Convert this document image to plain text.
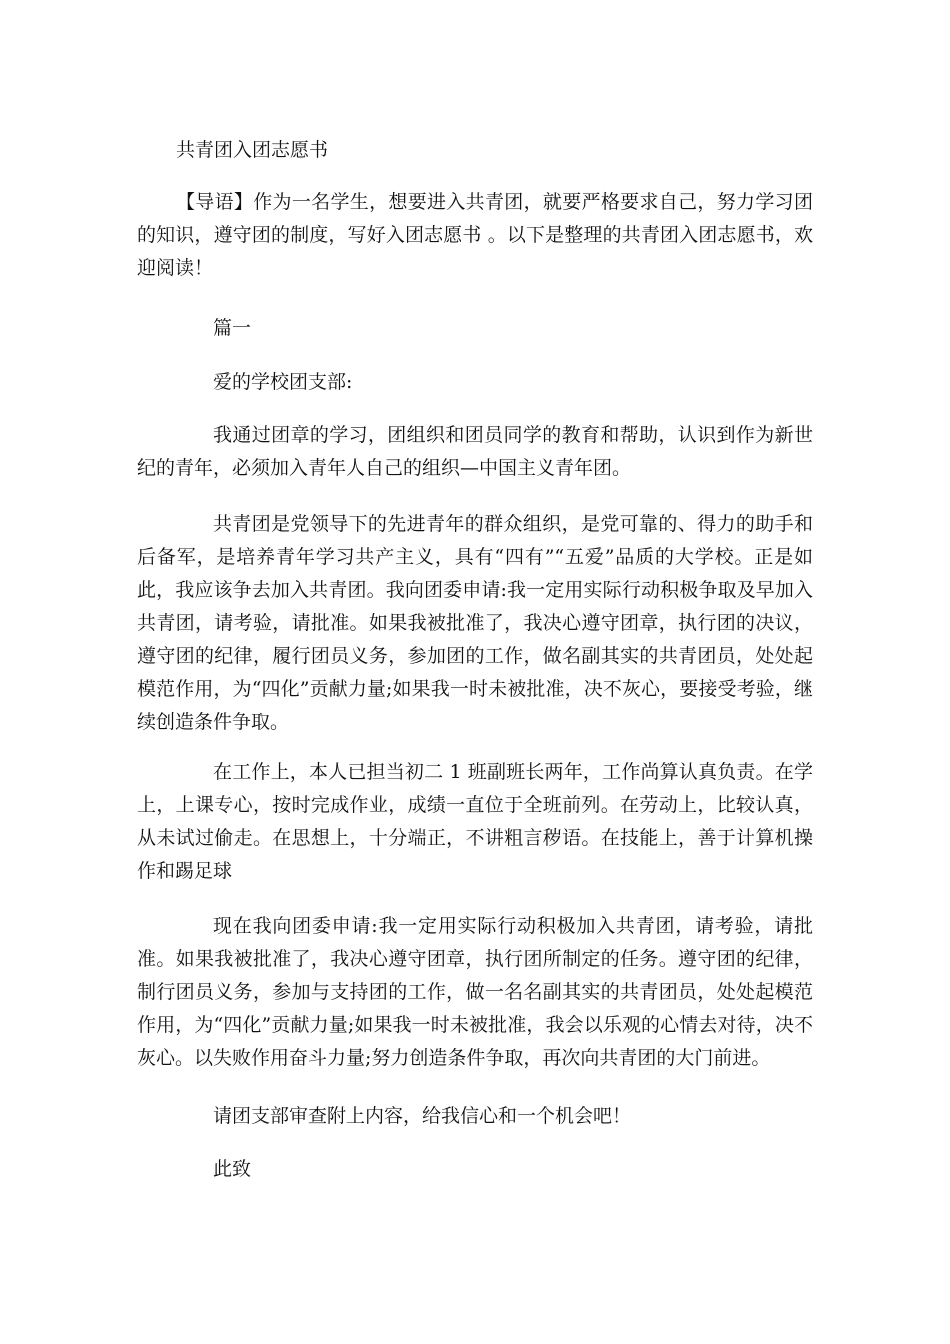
共青团入团志愿书
【导语】作为一名学生，想要进入共青团，就要严格要求自己，努力学习团的知识，遵守团的制度，写好入团志愿书 。以下是整理的共青团入团志愿书，欢迎阅读！
篇一
爱的学校团支部:
我通过团章的学习，团组织和团员同学的教育和帮助，认识到作为新世纪的青年，必须加入青年人自己的组织—中国主义青年团。
共青团是党领导下的先进青年的群众组织，是党可靠的、得力的助手和后备军，是培养青年学习共产主义，具有“四有”“五爱”品质的大学校。正是如此，我应该争去加入共青团。我向团委申请:我一定用实际行动积极争取及早加入共青团，请考验，请批准。如果我被批准了，我决心遵守团章，执行团的决议，遵守团的纪律，履行团员义务，参加团的工作，做名副其实的共青团员，处处起模范作用，为“四化”贡献力量;如果我一时未被批准，决不灰心，要接受考验，继续创造条件争取。
在工作上，本人已担当初二 1 班副班长两年，工作尚算认真负责。在学上，上课专心，按时完成作业，成绩一直位于全班前列。在劳动上，比较认真，从未试过偷走。在思想上，十分端正，不讲粗言秽语。在技能上，善于计算机操作和踢足球
现在我向团委申请:我一定用实际行动积极加入共青团，请考验，请批准。如果我被批准了，我决心遵守团章，执行团所制定的任务。遵守团的纪律，制行团员义务，参加与支持团的工作，做一名名副其实的共青团员，处处起模范作用，为“四化”贡献力量;如果我一时未被批准，我会以乐观的心情去对待，决不灰心。以失败作用奋斗力量;努力创造条件争取，再次向共青团的大门前进。
请团支部审查附上内容，给我信心和一个机会吧！
此致
